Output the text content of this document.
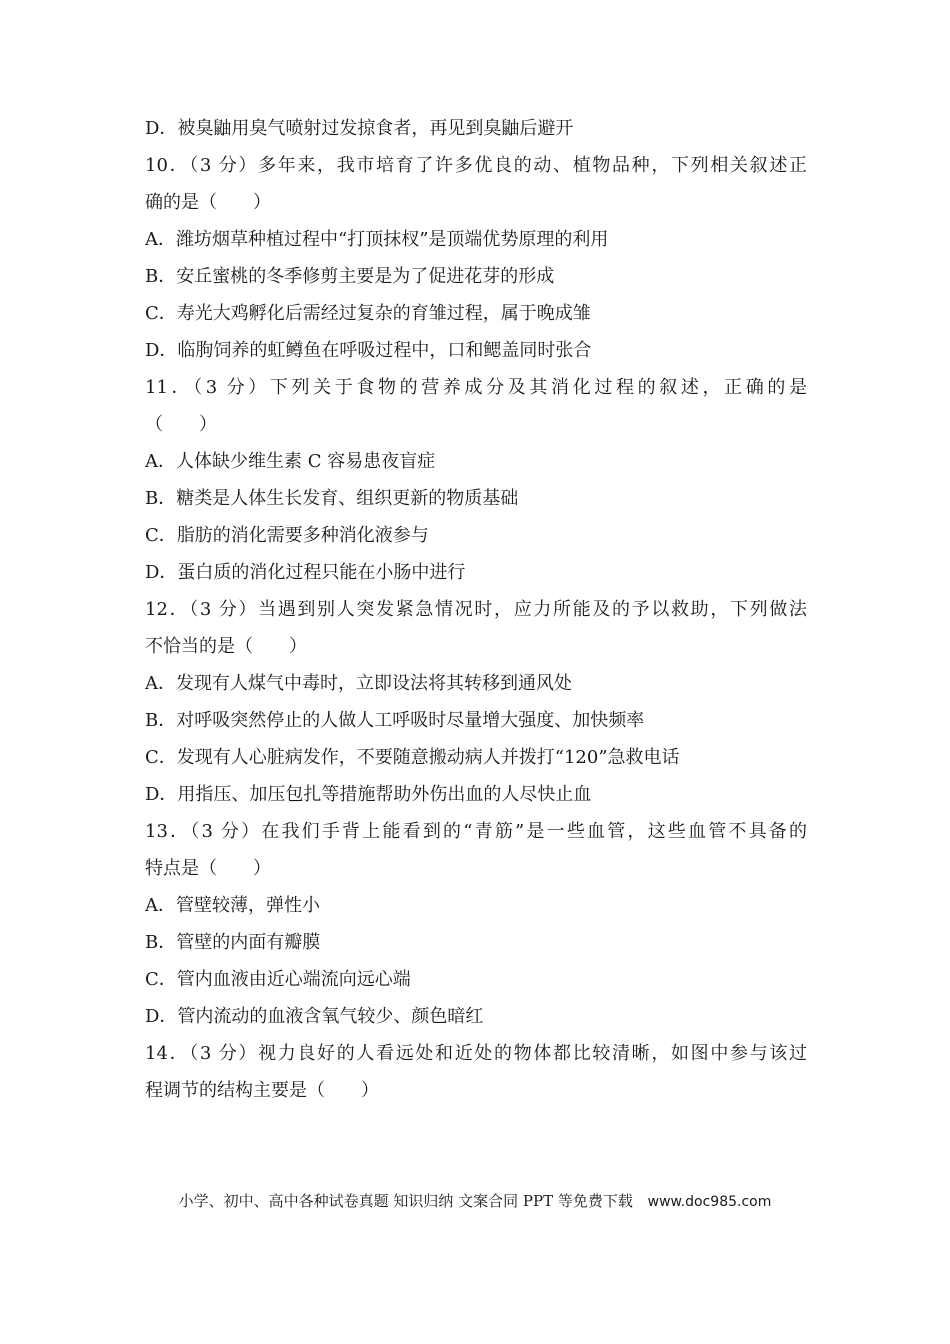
D．被臭鼬用臭气喷射过发掠食者，再见到臭鼬后避开
10．（3 分）多年来，我市培育了许多优良的动、植物品种，下列相关叙述正
确的是（　　）
A．潍坊烟草种植过程中“打顶抹杈”是顶端优势原理的利用
B．安丘蜜桃的冬季修剪主要是为了促进花芽的形成
C．寿光大鸡孵化后需经过复杂的育雏过程，属于晚成雏
D．临朐饲养的虹鳟鱼在呼吸过程中，口和鳃盖同时张合
11．（3 分）下列关于食物的营养成分及其消化过程的叙述，正确的是
（　　）
A．人体缺少维生素 C 容易患夜盲症
B．糖类是人体生长发育、组织更新的物质基础
C．脂肪的消化需要多种消化液参与
D．蛋白质的消化过程只能在小肠中进行
12．（3 分）当遇到别人突发紧急情况时，应力所能及的予以救助，下列做法
不恰当的是（　　）
A．发现有人煤气中毒时，立即设法将其转移到通风处
B．对呼吸突然停止的人做人工呼吸时尽量增大强度、加快频率
C．发现有人心脏病发作，不要随意搬动病人并拨打“120”急救电话
D．用指压、加压包扎等措施帮助外伤出血的人尽快止血
13．（3 分）在我们手背上能看到的“青筋”是一些血管，这些血管不具备的
特点是（　　）
A．管壁较薄，弹性小
B．管壁的内面有瓣膜
C．管内血液由近心端流向远心端
D．管内流动的血液含氧气较少、颜色暗红
14．（3 分）视力良好的人看远处和近处的物体都比较清晰，如图中参与该过
程调节的结构主要是（　　）
小学、初中、高中各种试卷真题 知识归纳 文案合同 PPT 等免费下载 www.doc985.com
